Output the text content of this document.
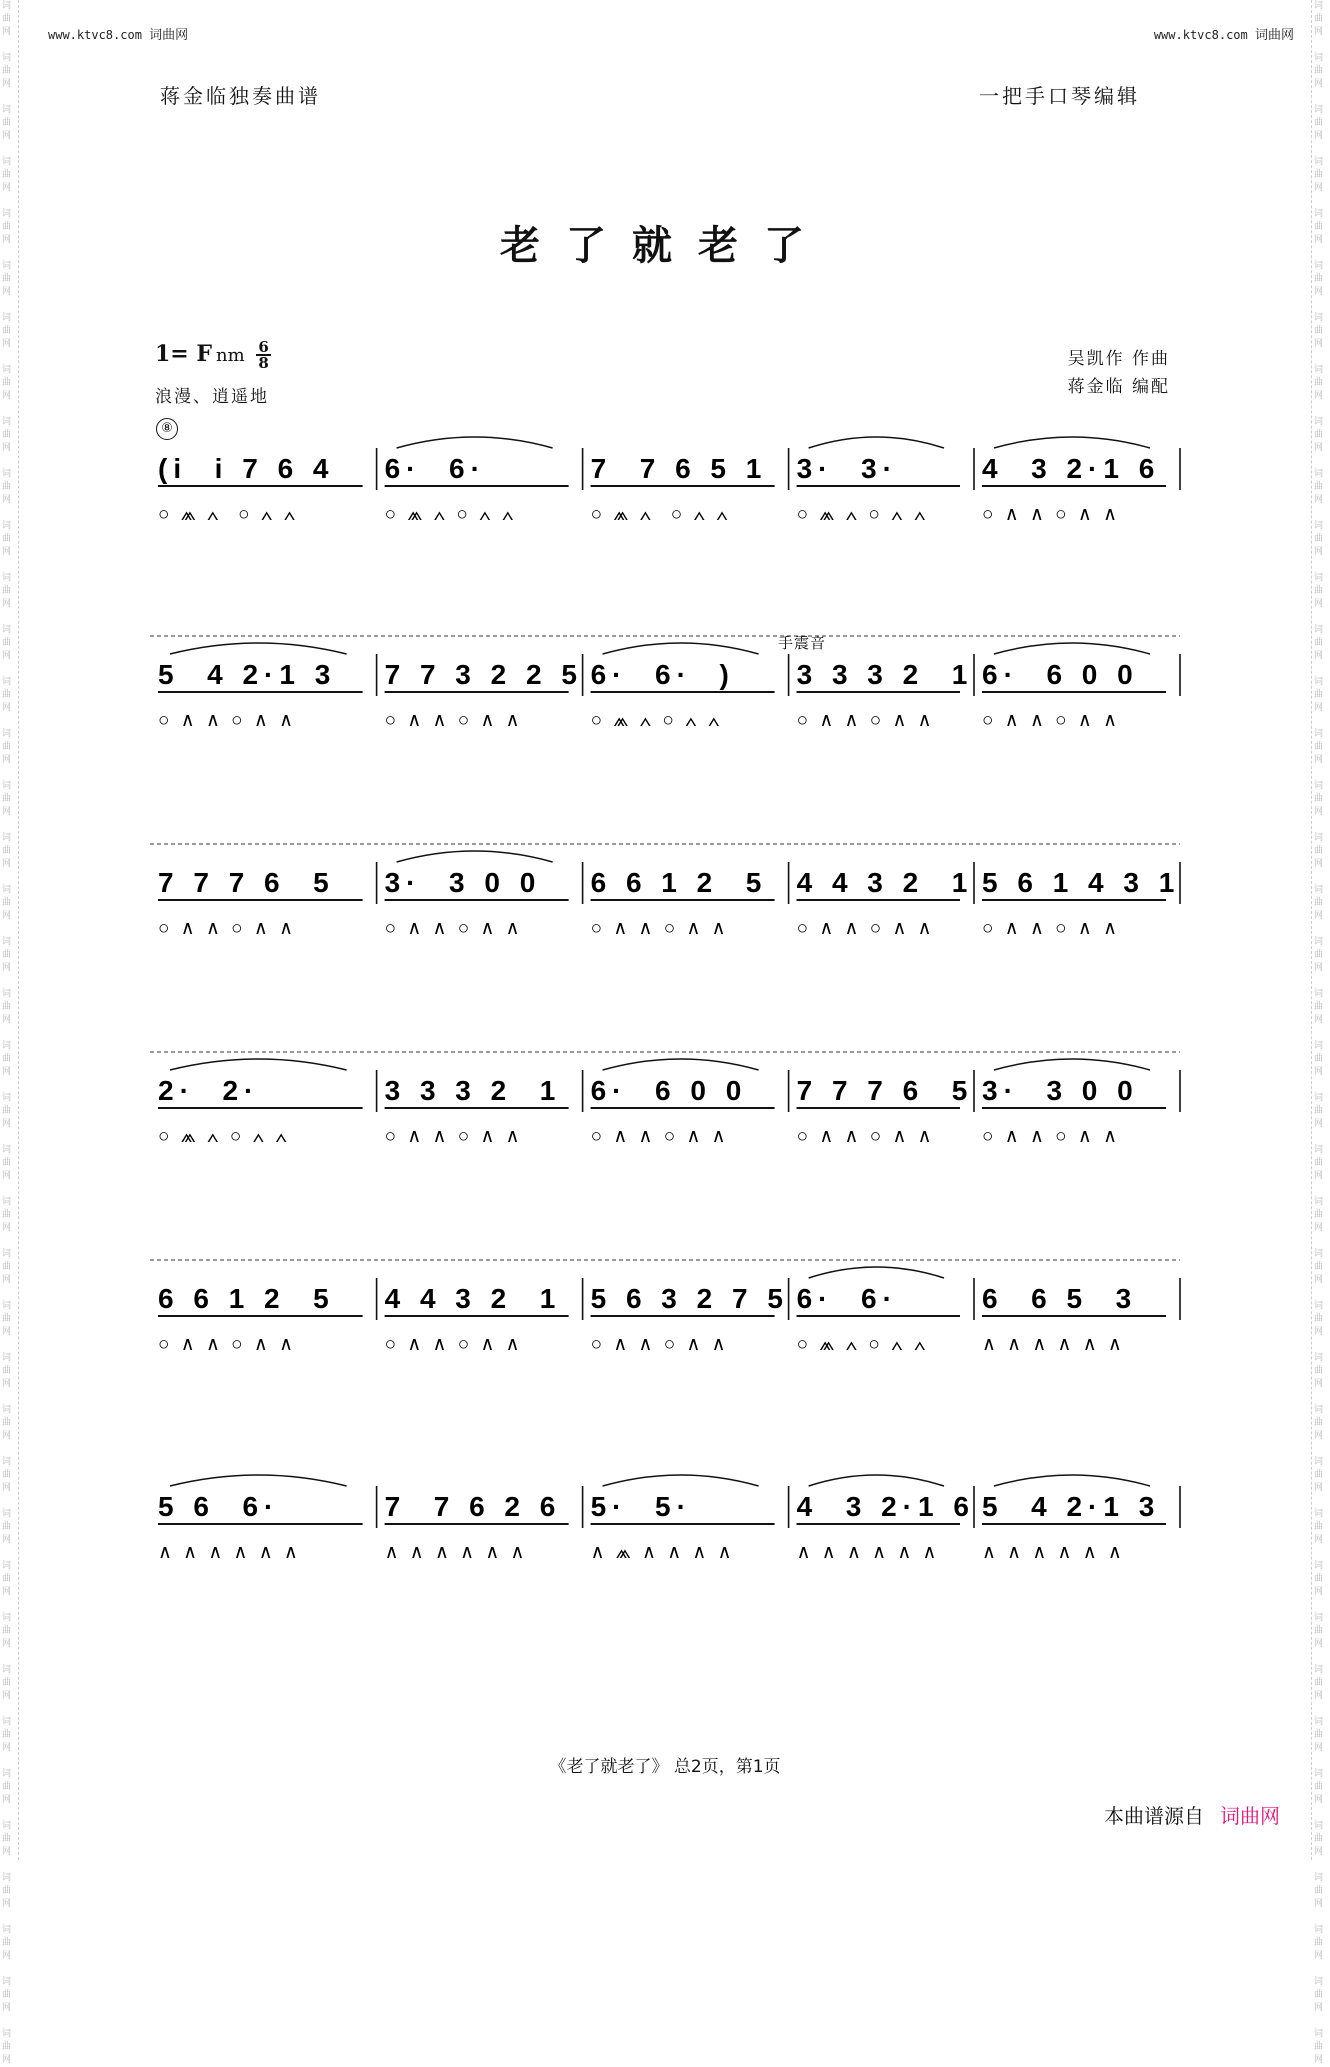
词
曲
网

词
曲
网

词
曲
网

词
曲
网

词
曲
网

词
曲
网

词
曲
网

词
曲
网

词
曲
网

词
曲
网

词
曲
网

词
曲
网

词
曲
网

词
曲
网

词
曲
网

词
曲
网

词
曲
网

词
曲
网

词
曲
网

词
曲
网

词
曲
网

词
曲
网

词
曲
网

词
曲
网

词
曲
网

词
曲
网

词
曲
网

词
曲
网

词
曲
网

词
曲
网

词
曲
网

词
曲
网

词
曲
网

词
曲
网

词
曲
网

词
曲
网

词
曲
网

词
曲
网

词
曲
网

词
曲
网
词
曲
网

词
曲
网

词
曲
网

词
曲
网

词
曲
网

词
曲
网

词
曲
网

词
曲
网

词
曲
网

词
曲
网

词
曲
网

词
曲
网

词
曲
网

词
曲
网

词
曲
网

词
曲
网

词
曲
网

词
曲
网

词
曲
网

词
曲
网

词
曲
网

词
曲
网

词
曲
网

词
曲
网

词
曲
网

词
曲
网

词
曲
网

词
曲
网

词
曲
网

词
曲
网

词
曲
网

词
曲
网

词
曲
网

词
曲
网

词
曲
网

词
曲
网

词
曲
网

词
曲
网

词
曲
网

词
曲
网
www.ktvc8.com 词曲网	www.ktvc8.com 词曲网
蒋金临独奏曲谱	一把手口琴编辑
老了就老了
1= F nm $\frac{6}{8}$
浪漫、逍遥地
吴凯作 作曲
蒋金临 编配
⑧
(i  i 7 6 4
○ ⩕ ∧  ○ ∧ ∧
6·  6·
○ ⩕ ∧ ○ ∧ ∧
7  7 6 5 1
○ ⩕ ∧  ○ ∧ ∧
3·  3·
○ ⩕ ∧ ○ ∧ ∧
4  3 2·1 6
○ ∧ ∧ ○ ∧ ∧
5  4 2·1 3
○ ∧ ∧ ○ ∧ ∧
7 7 3 2 2 5
○ ∧ ∧ ○ ∧ ∧
6·  6·  )
○ ⩕ ∧ ○ ∧ ∧
3 3 3 2  1
○ ∧ ∧ ○ ∧ ∧
6·  6 0 0
○ ∧ ∧ ○ ∧ ∧
7 7 7 6  5
○ ∧ ∧ ○ ∧ ∧
3·  3 0 0
○ ∧ ∧ ○ ∧ ∧
6 6 1 2  5
○ ∧ ∧ ○ ∧ ∧
4 4 3 2  1
○ ∧ ∧ ○ ∧ ∧
5 6 1 4 3 1
○ ∧ ∧ ○ ∧ ∧
2·  2·
○ ⩕ ∧ ○ ∧ ∧
3 3 3 2  1
○ ∧ ∧ ○ ∧ ∧
6·  6 0 0
○ ∧ ∧ ○ ∧ ∧
7 7 7 6  5
○ ∧ ∧ ○ ∧ ∧
3·  3 0 0
○ ∧ ∧ ○ ∧ ∧
6 6 1 2  5
○ ∧ ∧ ○ ∧ ∧
4 4 3 2  1
○ ∧ ∧ ○ ∧ ∧
5 6 3 2 7 5
○ ∧ ∧ ○ ∧ ∧
6·  6·
○ ⩕ ∧ ○ ∧ ∧
6  6 5  3
∧ ∧ ∧ ∧ ∧ ∧
5 6  6·
∧ ∧ ∧ ∧ ∧ ∧
7  7 6 2 6
∧ ∧ ∧ ∧ ∧ ∧
5·  5·
∧ ⩕ ∧ ∧ ∧ ∧
4  3 2·1 6
∧ ∧ ∧ ∧ ∧ ∧
5  4 2·1 3
∧ ∧ ∧ ∧ ∧ ∧
手震音
《老了就老了》 总2页，第1页
本曲谱源自 词曲网
